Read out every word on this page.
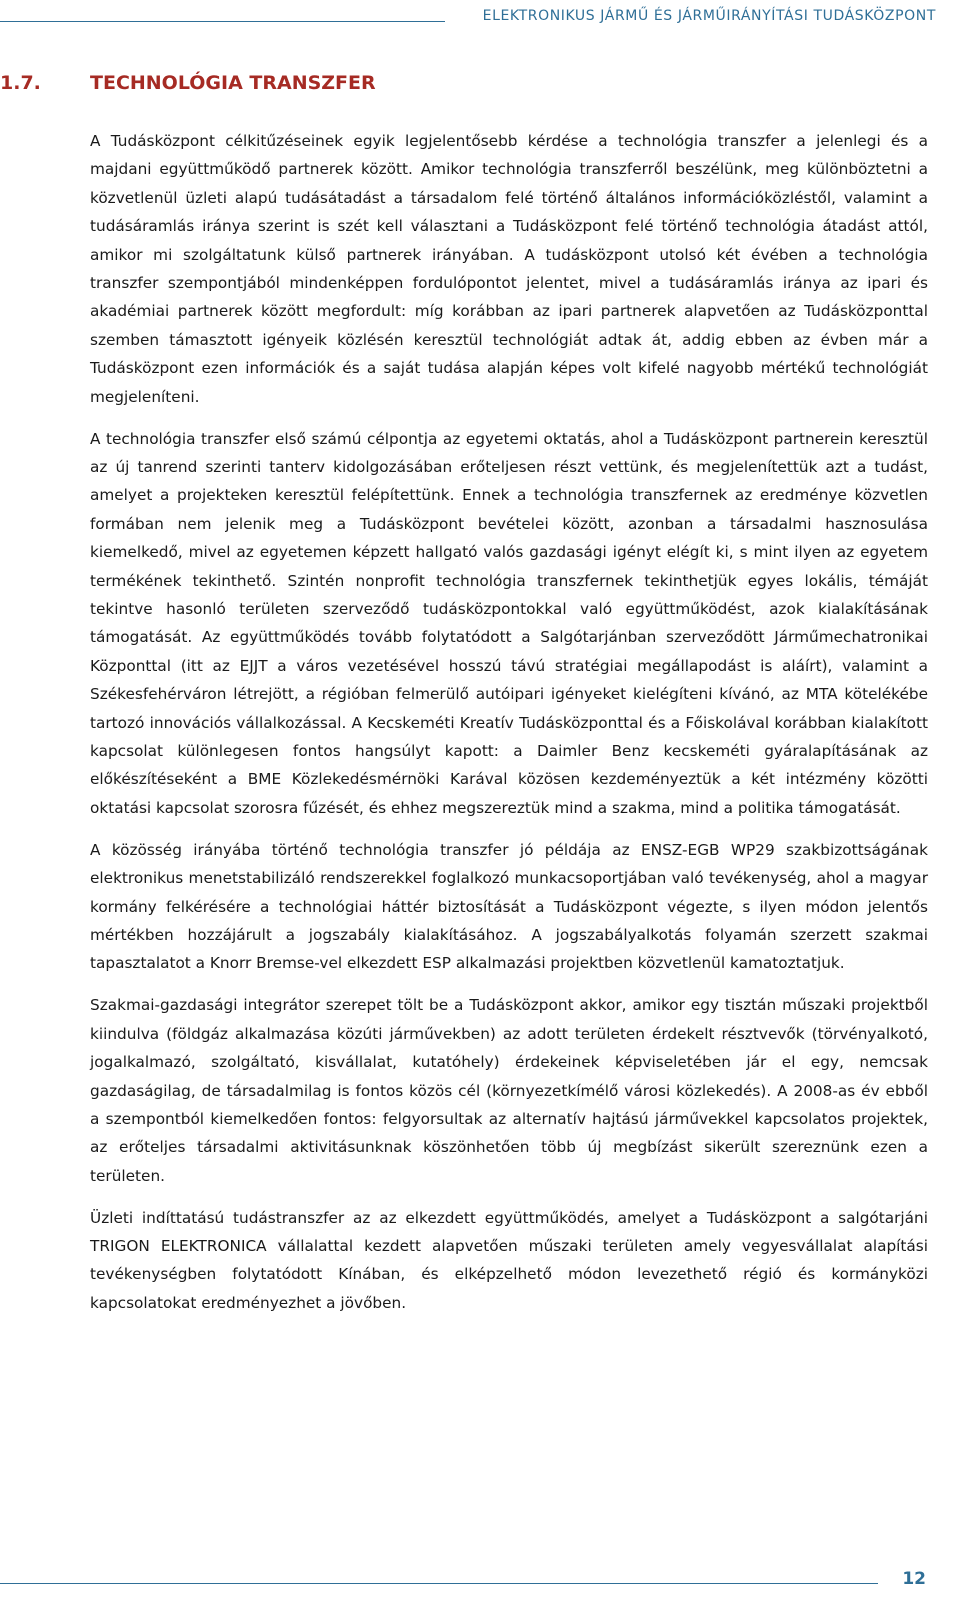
ELEKTRONIKUS JÁRMŰ ÉS JÁRMŰIRÁNYÍTÁSI TUDÁSKÖZPONT
1.7.	TECHNOLÓGIA TRANSZFER

A Tudásközpont célkitűzéseinek egyik legjelentősebb kérdése a technológia transzfer a jelenlegi és a majdani együttműködő partnerek között. Amikor technológia transzferről beszélünk, meg különböztetni a közvetlenül üzleti alapú tudásátadást a társadalom felé történő általános információközléstől, valamint a tudásáramlás iránya szerint is szét kell választani a Tudásközpont felé történő technológia átadást attól, amikor mi szolgáltatunk külső partnerek irányában. A tudásközpont utolsó két évében a technológia transzfer szempontjából mindenképpen fordulópontot jelentet, mivel a tudásáramlás iránya az ipari és akadémiai partnerek között megfordult: míg korábban az ipari partnerek alapvetően az Tudásközponttal szemben támasztott igényeik közlésén keresztül technológiát adtak át, addig ebben az évben már a Tudásközpont ezen információk és a saját tudása alapján képes volt kifelé nagyobb mértékű technológiát megjeleníteni.

A technológia transzfer első számú célpontja az egyetemi oktatás, ahol a Tudásközpont partnerein keresztül az új tanrend szerinti tanterv kidolgozásában erőteljesen részt vettünk, és megjelenítettük azt a tudást, amelyet a projekteken keresztül felépítettünk. Ennek a technológia transzfernek az eredménye közvetlen formában nem jelenik meg a Tudásközpont bevételei között, azonban a társadalmi hasznosulása kiemelkedő, mivel az egyetemen képzett hallgató valós gazdasági igényt elégít ki, s mint ilyen az egyetem termékének tekinthető. Szintén nonprofit technológia transzfernek tekinthetjük egyes lokális, témáját tekintve hasonló területen szerveződő tudásközpontokkal való együttműködést, azok kialakításának támogatását. Az együttműködés tovább folytatódott a Salgótarjánban szerveződött Járműmechatronikai Központtal (itt az EJJT a város vezetésével hosszú távú stratégiai megállapodást is aláírt), valamint a Székesfehérváron létrejött, a régióban felmerülő autóipari igényeket kielégíteni kívánó, az MTA kötelékébe tartozó innovációs vállalkozással. A Kecskeméti Kreatív Tudásközponttal és a Főiskolával korábban kialakított kapcsolat különlegesen fontos hangsúlyt kapott: a Daimler Benz kecskeméti gyáralapításának az előkészítéseként a BME Közlekedésmérnöki Karával közösen kezdeményeztük a két intézmény közötti oktatási kapcsolat szorosra fűzését, és ehhez megszereztük mind a szakma, mind a politika támogatását.

A közösség irányába történő technológia transzfer jó példája az ENSZ-EGB WP29 szakbizottságának elektronikus menetstabilizáló rendszerekkel foglalkozó munkacsoportjában való tevékenység, ahol a magyar kormány felkérésére a technológiai háttér biztosítását a Tudásközpont végezte, s ilyen módon jelentős mértékben hozzájárult a jogszabály kialakításához. A jogszabályalkotás folyamán szerzett szakmai tapasztalatot a Knorr Bremse-vel elkezdett ESP alkalmazási projektben közvetlenül kamatoztatjuk.

Szakmai-gazdasági integrátor szerepet tölt be a Tudásközpont akkor, amikor egy tisztán műszaki projektből kiindulva (földgáz alkalmazása közúti járművekben) az adott területen érdekelt résztvevők (törvényalkotó, jogalkalmazó, szolgáltató, kisvállalat, kutatóhely) érdekeinek képviseletében jár el egy, nemcsak gazdaságilag, de társadalmilag is fontos közös cél (környezetkímélő városi közlekedés). A 2008-as év ebből a szempontból kiemelkedően fontos: felgyorsultak az alternatív hajtású járművekkel kapcsolatos projektek, az erőteljes társadalmi aktivitásunknak köszönhetően több új megbízást sikerült szereznünk ezen a területen.

Üzleti indíttatású tudástranszfer az az elkezdett együttműködés, amelyet a Tudásközpont a salgótarjáni TRIGON ELEKTRONICA vállalattal kezdett alapvetően műszaki területen amely vegyesvállalat alapítási tevékenységben folytatódott Kínában, és elképzelhető módon levezethető régió és kormányközi kapcsolatokat eredményezhet a jövőben.

12
